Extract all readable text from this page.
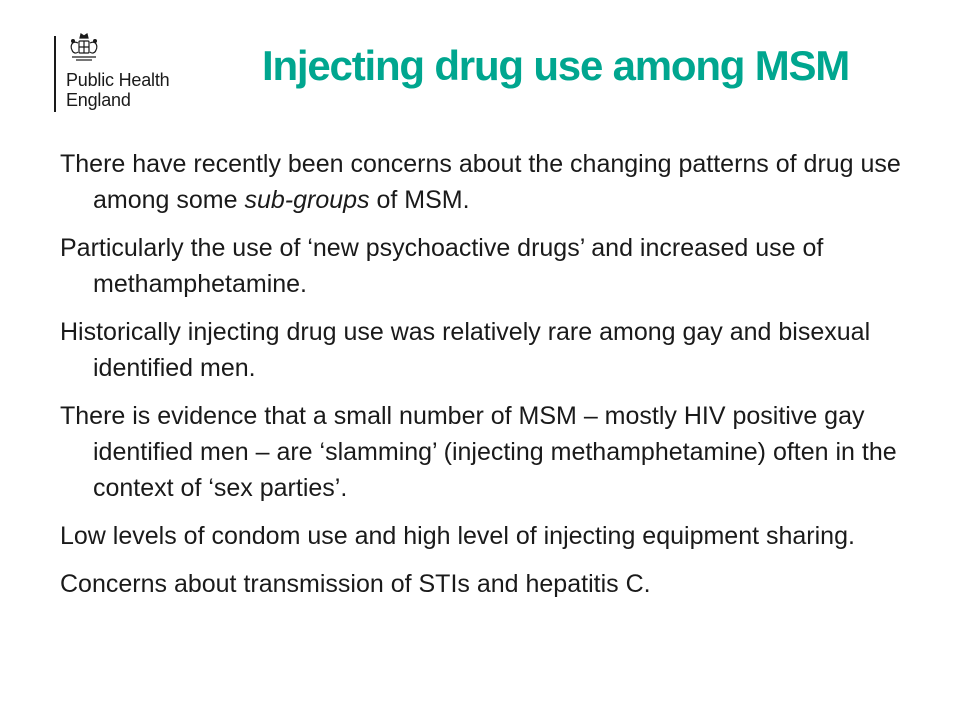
Public Health
England
Injecting drug use among MSM
There have recently been concerns about the changing patterns of drug use among some sub-groups of MSM.
Particularly the use of ‘new psychoactive drugs’ and increased use of methamphetamine.
Historically injecting drug use was relatively rare among gay and bisexual identified men.
There is evidence that a small number of MSM – mostly HIV positive gay identified men – are ‘slamming’ (injecting methamphetamine) often in the context of ‘sex parties’.
Low levels of condom use and high level of injecting equipment sharing.
Concerns about transmission of STIs and hepatitis C.
